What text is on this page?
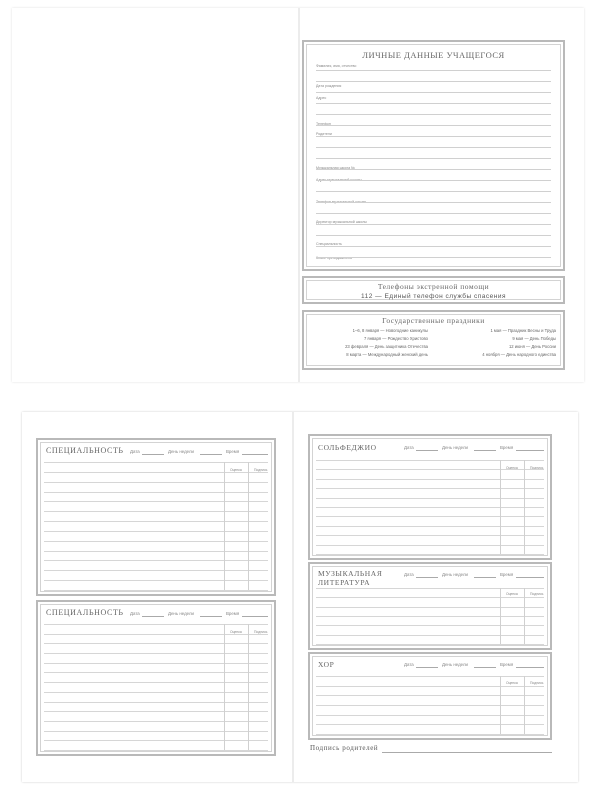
ЛИЧНЫЕ ДАННЫЕ УЧАЩЕГОСЯ
Фамилия, имя, отчество
Дата рождения
Адрес
Телефон
Родители
Музыкальная школа №
Адрес музыкальной школы
Телефон музыкальной школы
Директор музыкальной школы
Специальность
Класс преподавателя
Телефоны экстренной помощи
112 — Единый телефон службы спасения
Государственные праздники
1–6, 8 января — Новогодние каникулы
7 января — Рождество Христово
23 февраля — День защитника Отечества
8 марта — Международный женский день
1 мая — Праздник Весны и Труда
9 мая — День Победы
12 июня — День России
4 ноября — День народного единства
СПЕЦИАЛЬНОСТЬ Дата	День недели	Время
Оценка	Подпись
СПЕЦИАЛЬНОСТЬ Дата	День недели	Время
Оценка	Подпись
СОЛЬФЕДЖИО	Дата	День недели	Время
Оценка	Подпись
МУЗЫКАЛЬНАЯ
ЛИТЕРАТУРА
Дата	День недели	Время
Оценка	Подпись
ХОР	Дата	День недели	Время
Оценка	Подпись
Подпись родителей
